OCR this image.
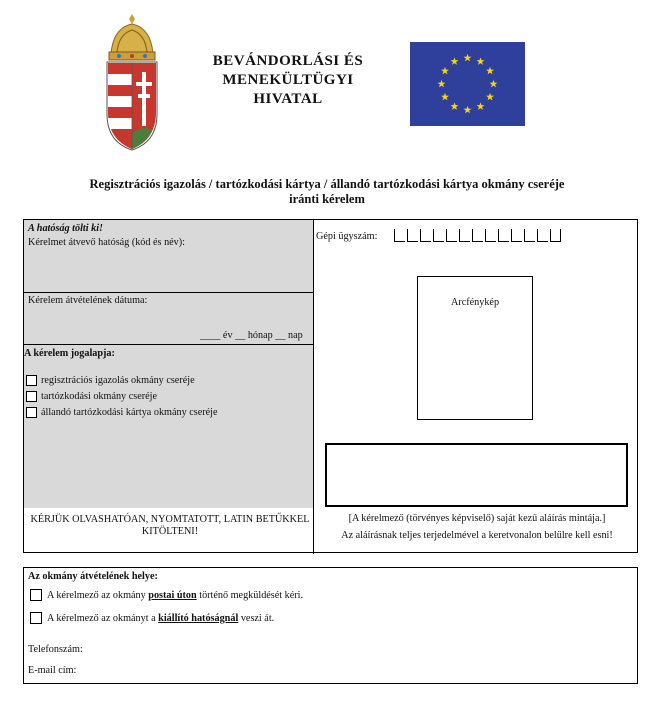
BEVÁNDORLÁSI ÉS
MENEKÜLTÜGYI
HIVATAL
Regisztrációs igazolás / tartózkodási kártya / állandó tartózkodási kártya okmány cseréje
iránti kérelem
A hatóság tölti ki!
Kérelmet átvevő hatóság (kód és név):
Kérelem átvételének dátuma:
____ év __ hónap __ nap
A kérelem jogalapja:
regisztrációs igazolás okmány cseréje
tartózkodási okmány cseréje
állandó tartózkodási kártya okmány cseréje
KÉRJÜK OLVASHATÓAN, NYOMTATOTT, LATIN BETŰKKEL KITÖLTENI!
Gépi ügyszám:
Arcfénykép
[A kérelmező (törvényes képviselő) saját kezű aláírás mintája.]
Az aláírásnak teljes terjedelmével a keretvonalon belülre kell esni!
Az okmány átvételének helye:
A kérelmező az okmány postai úton történő megküldését kéri.
A kérelmező az okmányt a kiállító hatóságnál veszi át.
Telefonszám:
E-mail cím:
